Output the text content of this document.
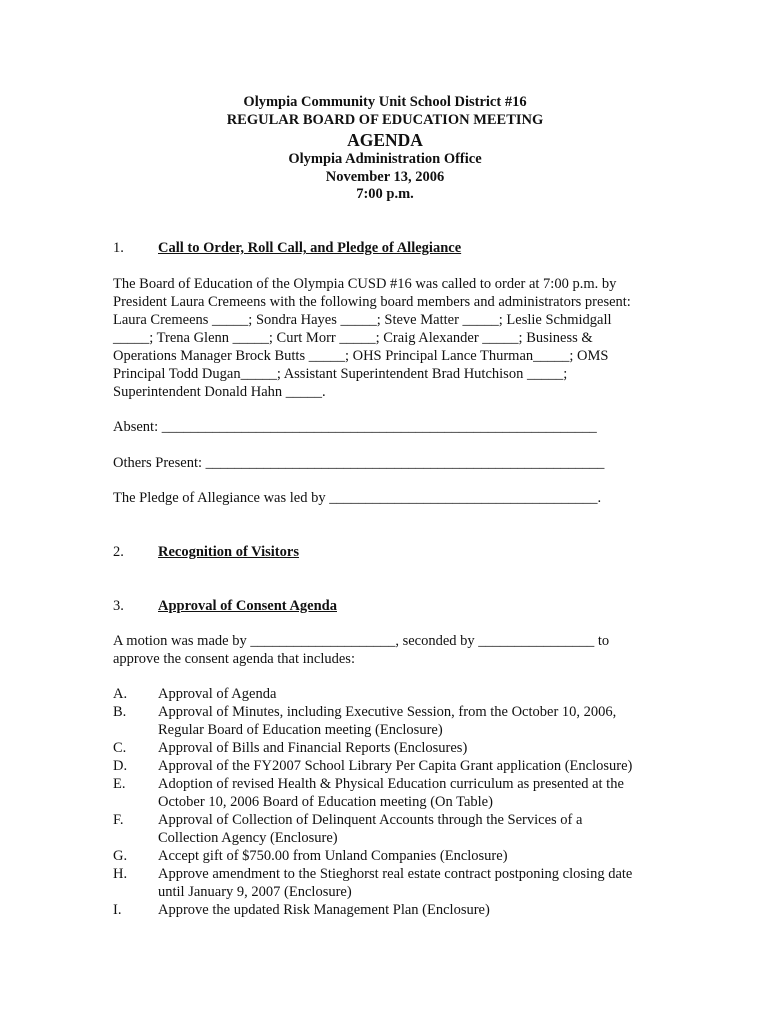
Olympia Community Unit School District #16
REGULAR BOARD OF EDUCATION MEETING
AGENDA
Olympia Administration Office
November 13, 2006
7:00 p.m.
1. Call to Order, Roll Call, and Pledge of Allegiance
The Board of Education of the Olympia CUSD #16 was called to order at 7:00 p.m. by
President Laura Cremeens with the following board members and administrators present:
Laura Cremeens _____; Sondra Hayes _____; Steve Matter _____; Leslie Schmidgall
_____; Trena Glenn _____; Curt Morr _____; Craig Alexander _____; Business &
Operations Manager Brock Butts _____; OHS Principal Lance Thurman_____; OMS
Principal Todd Dugan_____; Assistant Superintendent Brad Hutchison _____;
Superintendent Donald Hahn _____.
Absent: ____________________________________________________________
Others Present: _______________________________________________________
The Pledge of Allegiance was led by _____________________________________.
2. Recognition of Visitors
3. Approval of Consent Agenda
A motion was made by ____________________, seconded by ________________ to
approve the consent agenda that includes:
A. Approval of Agenda
B. Approval of Minutes, including Executive Session, from the October 10, 2006,
Regular Board of Education meeting (Enclosure)
C. Approval of Bills and Financial Reports (Enclosures)
D. Approval of the FY2007 School Library Per Capita Grant application (Enclosure)
E. Adoption of revised Health & Physical Education curriculum as presented at the
October 10, 2006 Board of Education meeting (On Table)
F. Approval of Collection of Delinquent Accounts through the Services of a
Collection Agency (Enclosure)
G. Accept gift of $750.00 from Unland Companies (Enclosure)
H. Approve amendment to the Stieghorst real estate contract postponing closing date
until January 9, 2007 (Enclosure)
I.	Approve the updated Risk Management Plan (Enclosure)
